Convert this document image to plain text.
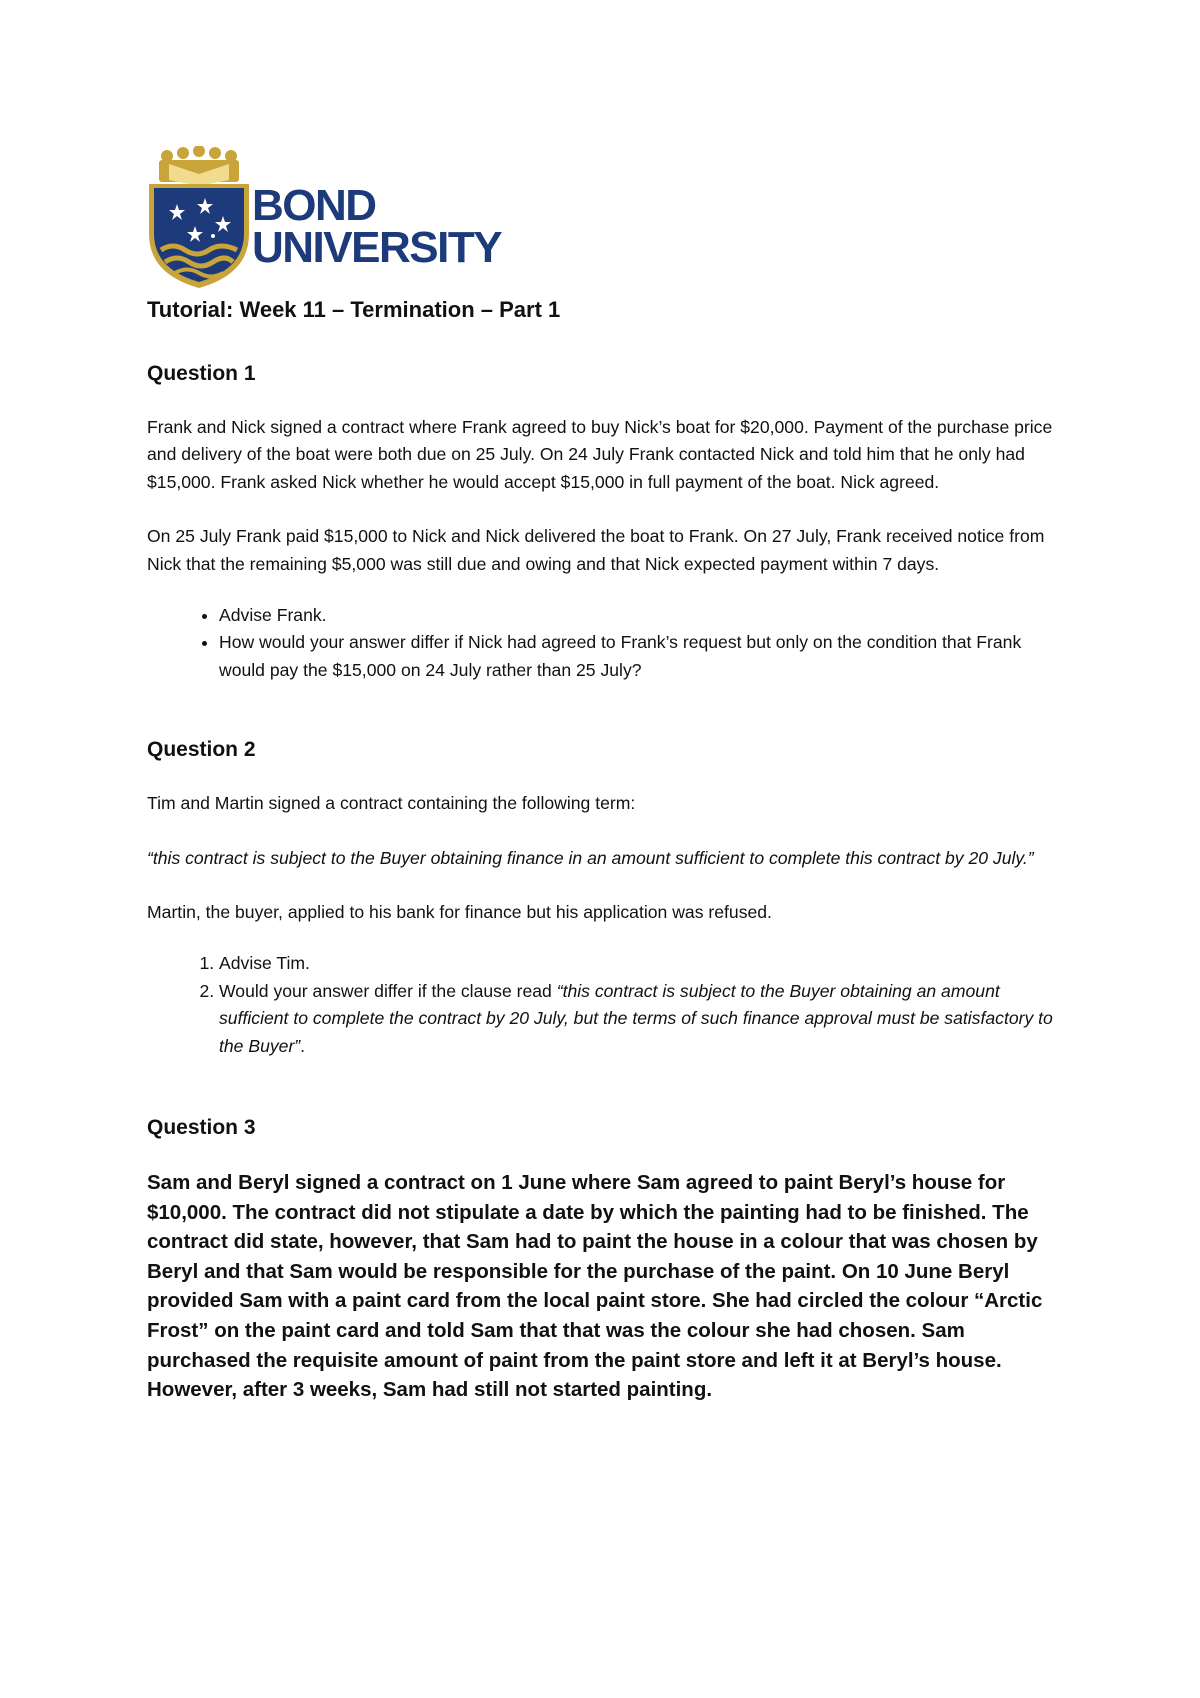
BOND
UNIVERSITY
Tutorial: Week 11 – Termination – Part 1
Question 1

Frank and Nick signed a contract where Frank agreed to buy Nick’s boat for $20,000. Payment of the purchase price and delivery of the boat were both due on 25 July. On 24 July Frank contacted Nick and told him that he only had $15,000. Frank asked Nick whether he would accept $15,000 in full payment of the boat. Nick agreed.

On 25 July Frank paid $15,000 to Nick and Nick delivered the boat to Frank. On 27 July, Frank received notice from Nick that the remaining $5,000 was still due and owing and that Nick expected payment within 7 days.

• Advise Frank.
• How would your answer differ if Nick had agreed to Frank’s request but only on the condition that Frank would pay the $15,000 on 24 July rather than 25 July?
Question 2

Tim and Martin signed a contract containing the following term:

“this contract is subject to the Buyer obtaining finance in an amount sufficient to complete this contract by 20 July.”

Martin, the buyer, applied to his bank for finance but his application was refused.

1. Advise Tim.
2. Would your answer differ if the clause read “this contract is subject to the Buyer obtaining an amount sufficient to complete the contract by 20 July, but the terms of such finance approval must be satisfactory to the Buyer”.
Question 3

Sam and Beryl signed a contract on 1 June where Sam agreed to paint Beryl’s house for $10,000. The contract did not stipulate a date by which the painting had to be finished. The contract did state, however, that Sam had to paint the house in a colour that was chosen by Beryl and that Sam would be responsible for the purchase of the paint. On 10 June Beryl provided Sam with a paint card from the local paint store. She had circled the colour “Arctic Frost” on the paint card and told Sam that that was the colour she had chosen. Sam purchased the requisite amount of paint from the paint store and left it at Beryl’s house. However, after 3 weeks, Sam had still not started painting.
